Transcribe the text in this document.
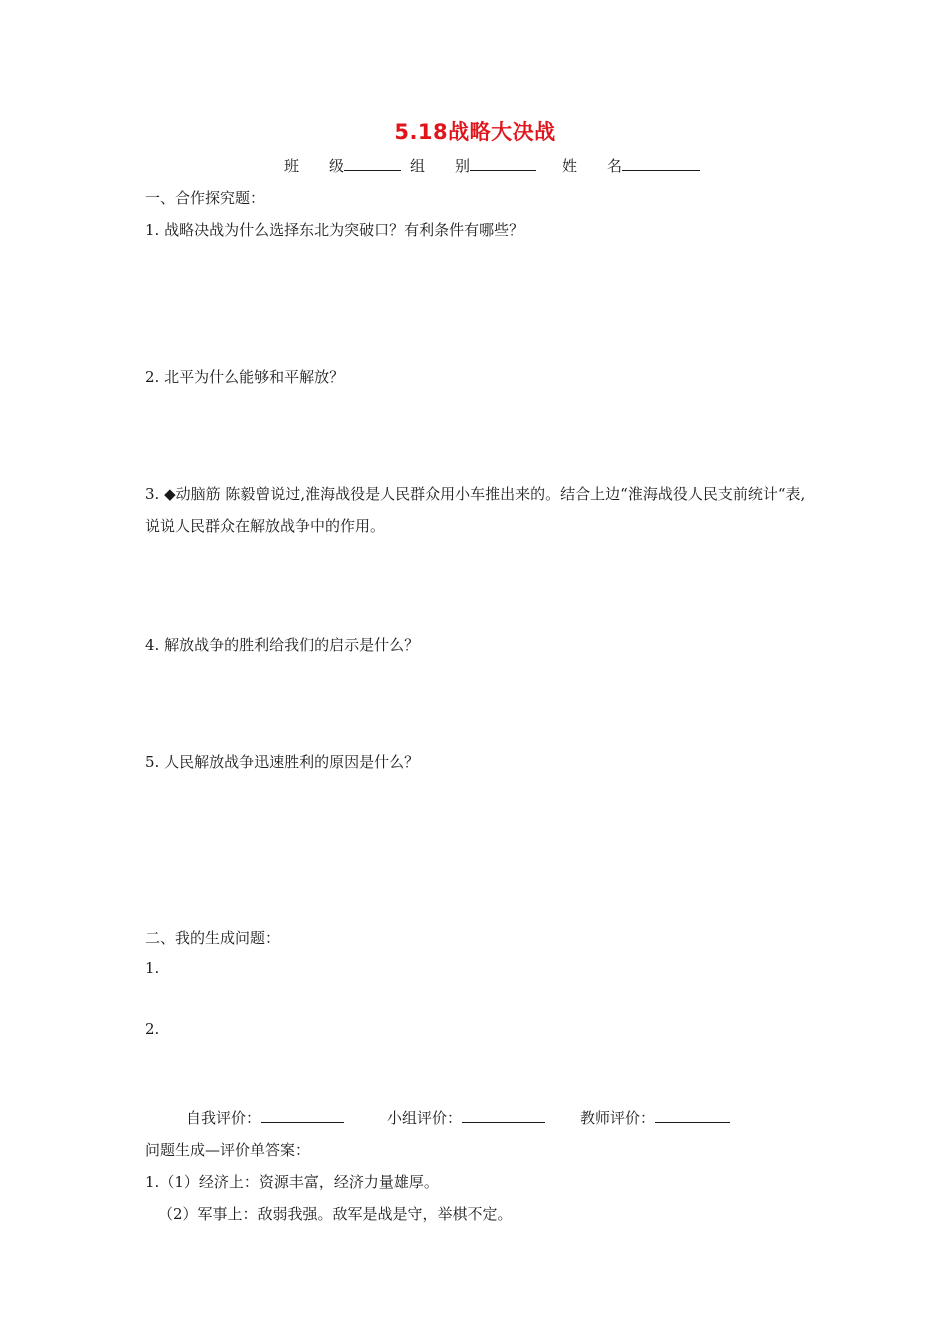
5.18战略大决战
班　　级	组　　别	姓　　名
一、合作探究题：
1. 战略决战为什么选择东北为突破口？有利条件有哪些？
2. 北平为什么能够和平解放？
3. ◆动脑筋 陈毅曾说过,淮海战役是人民群众用小车推出来的。结合上边“淮海战役人民支前统计“表,说说人民群众在解放战争中的作用。
4. 解放战争的胜利给我们的启示是什么？
5. 人民解放战争迅速胜利的原因是什么？
二、我的生成问题：
1.
2.
自我评价：	小组评价：	教师评价：
问题生成—评价单答案：
1.（1）经济上：资源丰富，经济力量雄厚。
（2）军事上：敌弱我强。敌军是战是守，举棋不定。
